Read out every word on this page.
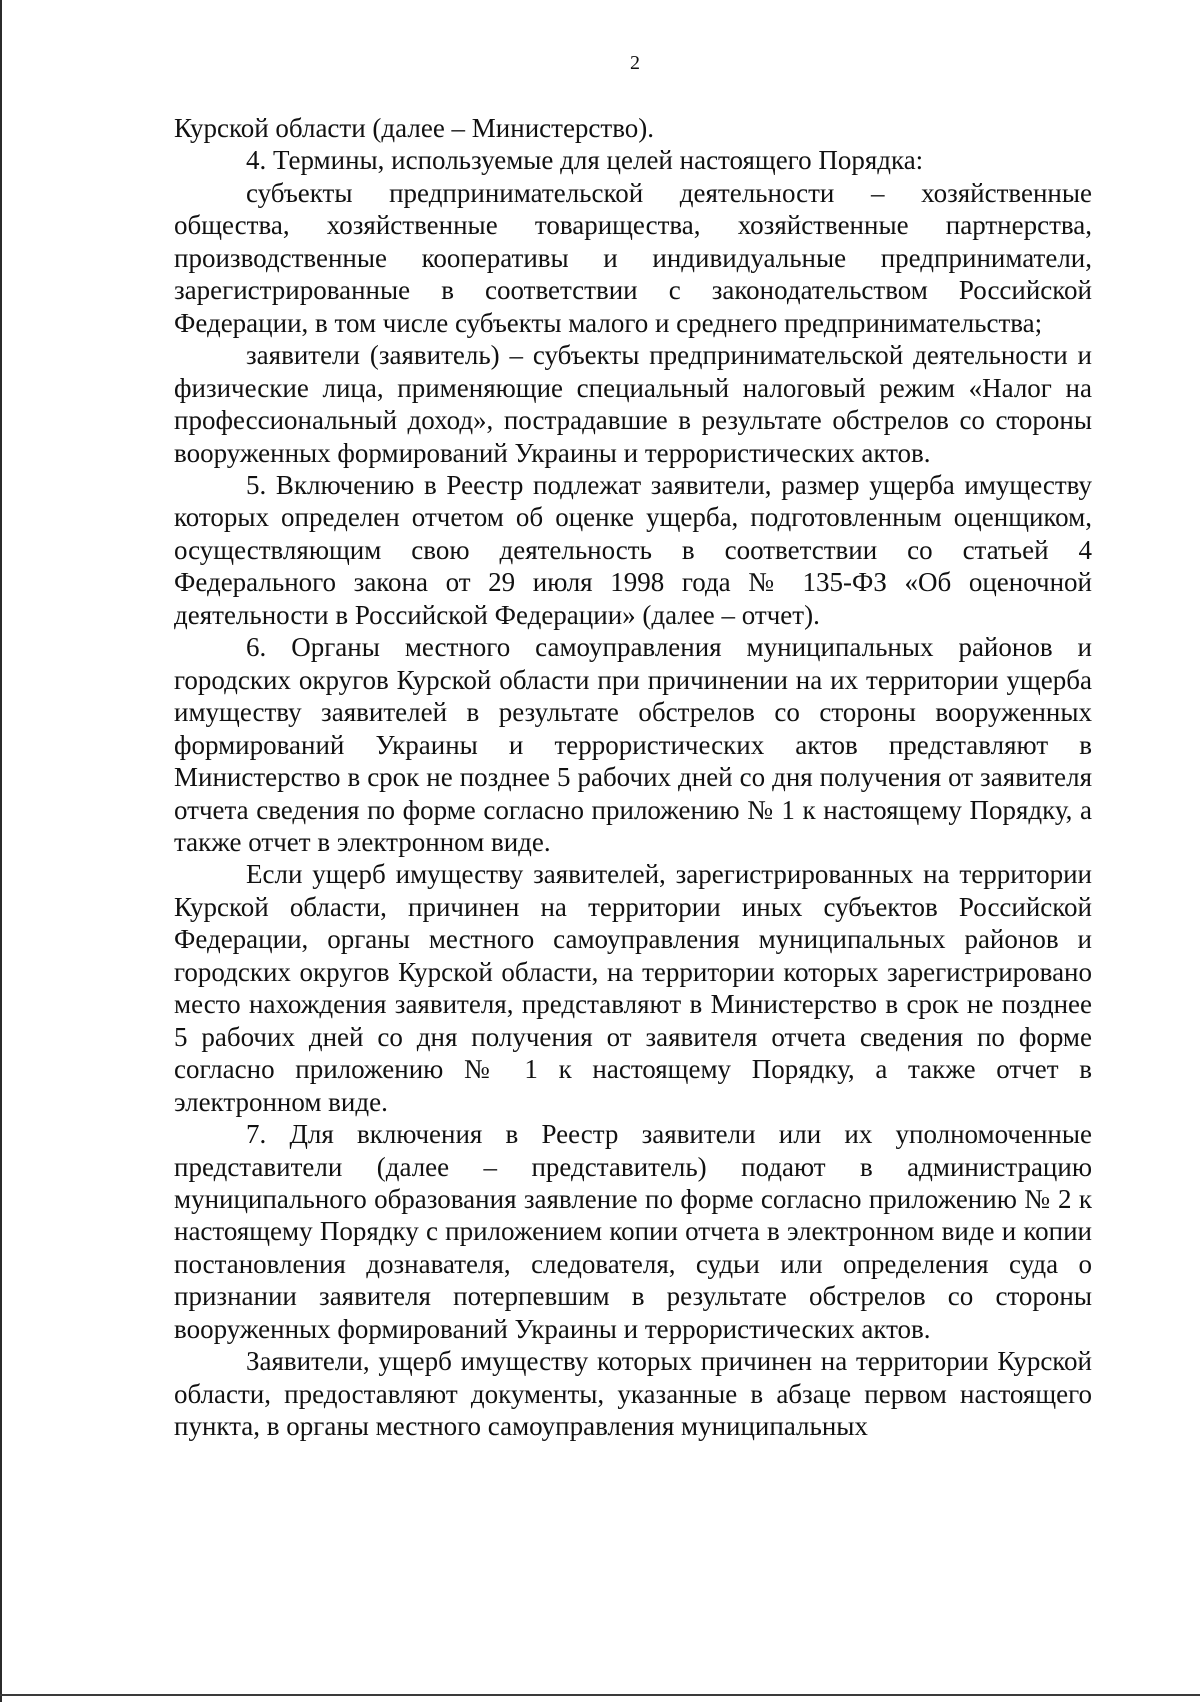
2

Курской области (далее – Министерство).

4. Термины, используемые для целей настоящего Порядка:

субъекты предпринимательской деятельности – хозяйственные общества, хозяйственные товарищества, хозяйственные партнерства, производственные кооперативы и индивидуальные предприниматели, зарегистрированные в соответствии с законодательством Российской Федерации, в том числе субъекты малого и среднего предпринимательства;

заявители (заявитель) – субъекты предпринимательской деятельности и физические лица, применяющие специальный налоговый режим «Налог на профессиональный доход», пострадавшие в результате обстрелов со стороны вооруженных формирований Украины и террористических актов.

5. Включению в Реестр подлежат заявители, размер ущерба имуществу которых определен отчетом об оценке ущерба, подготовленным оценщиком, осуществляющим свою деятельность в соответствии со статьей 4 Федерального закона от 29 июля 1998 года № 135-ФЗ «Об оценочной деятельности в Российской Федерации» (далее – отчет).

6. Органы местного самоуправления муниципальных районов и городских округов Курской области при причинении на их территории ущерба имуществу заявителей в результате обстрелов со стороны вооруженных формирований Украины и террористических актов представляют в Министерство в срок не позднее 5 рабочих дней со дня получения от заявителя отчета сведения по форме согласно приложению № 1 к настоящему Порядку, а также отчет в электронном виде.

Если ущерб имуществу заявителей, зарегистрированных на территории Курской области, причинен на территории иных субъектов Российской Федерации, органы местного самоуправления муниципальных районов и городских округов Курской области, на территории которых зарегистрировано место нахождения заявителя, представляют в Министерство в срок не позднее 5 рабочих дней со дня получения от заявителя отчета сведения по форме согласно приложению № 1 к настоящему Порядку, а также отчет в электронном виде.

7. Для включения в Реестр заявители или их уполномоченные представители (далее – представитель) подают в администрацию муниципального образования заявление по форме согласно приложению № 2 к настоящему Порядку с приложением копии отчета в электронном виде и копии постановления дознавателя, следователя, судьи или определения суда о признании заявителя потерпевшим в результате обстрелов со стороны вооруженных формирований Украины и террористических актов.

Заявители, ущерб имуществу которых причинен на территории Курской области, предоставляют документы, указанные в абзаце первом настоящего пункта, в органы местного самоуправления муниципальных
